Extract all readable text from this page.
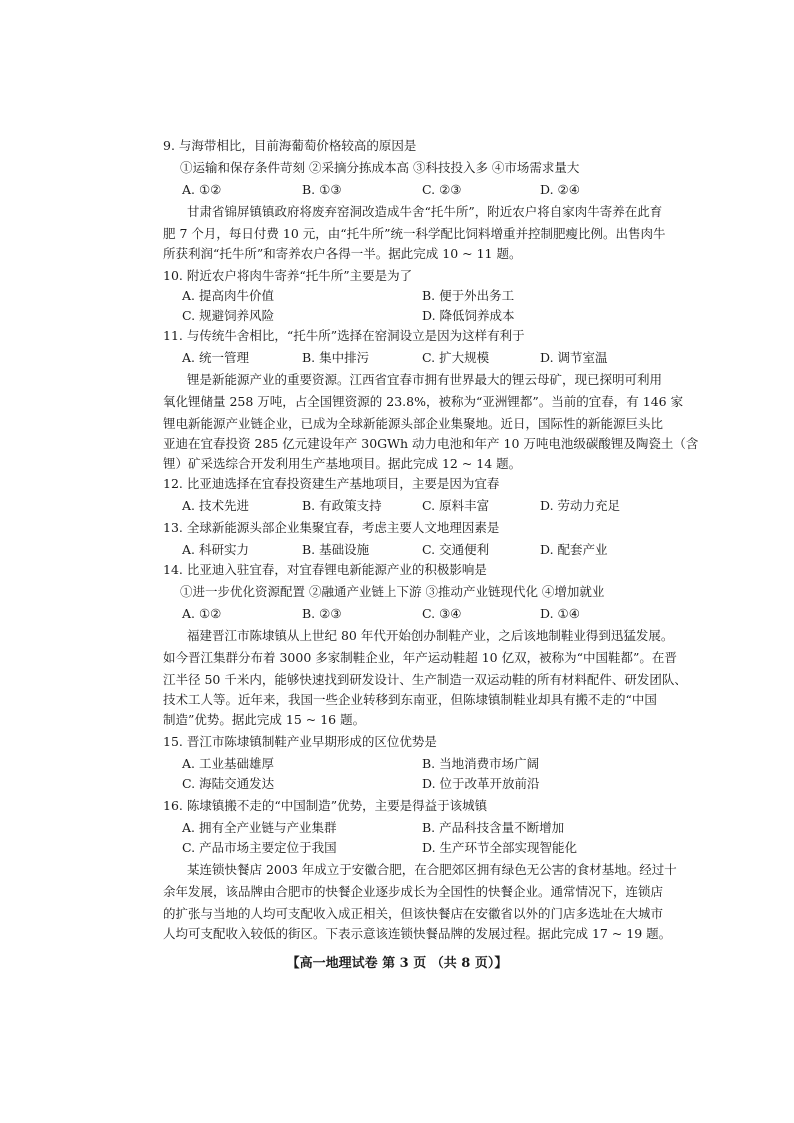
9. 与海带相比，目前海葡萄价格较高的原因是
①运输和保存条件苛刻 ②采摘分拣成本高 ③科技投入多 ④市场需求量大
A. ①②	B. ①③	C. ②③	D. ②④
甘肃省锦屏镇镇政府将废弃窑洞改造成牛舍“托牛所”，附近农户将自家肉牛寄养在此育
肥 7 个月，每日付费 10 元，由“托牛所”统一科学配比饲料增重并控制肥瘦比例。出售肉牛
所获利润“托牛所”和寄养农户各得一半。据此完成 10 ~ 11 题。
10. 附近农户将肉牛寄养“托牛所”主要是为了
A. 提高肉牛价值	B. 便于外出务工
C. 规避饲养风险	D. 降低饲养成本
11. 与传统牛舍相比，“托牛所”选择在窑洞设立是因为这样有利于
A. 统一管理	B. 集中排污	C. 扩大规模	D. 调节室温
锂是新能源产业的重要资源。江西省宜春市拥有世界最大的锂云母矿，现已探明可利用
氧化锂储量 258 万吨，占全国锂资源的 23.8%，被称为“亚洲锂都”。当前的宜春，有 146 家
锂电新能源产业链企业，已成为全球新能源头部企业集聚地。近日，国际性的新能源巨头比
亚迪在宜春投资 285 亿元建设年产 30GWh 动力电池和年产 10 万吨电池级碳酸锂及陶瓷土（含
锂）矿采选综合开发利用生产基地项目。据此完成 12 ~ 14 题。
12. 比亚迪选择在宜春投资建生产基地项目，主要是因为宜春
A. 技术先进	B. 有政策支持	C. 原料丰富	D. 劳动力充足
13. 全球新能源头部企业集聚宜春，考虑主要人文地理因素是
A. 科研实力	B. 基础设施	C. 交通便利	D. 配套产业
14. 比亚迪入驻宜春，对宜春锂电新能源产业的积极影响是
①进一步优化资源配置 ②融通产业链上下游 ③推动产业链现代化 ④增加就业
A. ①②	B. ②③	C. ③④	D. ①④
福建晋江市陈埭镇从上世纪 80 年代开始创办制鞋产业，之后该地制鞋业得到迅猛发展。
如今晋江集群分布着 3000 多家制鞋企业，年产运动鞋超 10 亿双，被称为“中国鞋都”。在晋
江半径 50 千米内，能够快速找到研发设计、生产制造一双运动鞋的所有材料配件、研发团队、
技术工人等。近年来，我国一些企业转移到东南亚，但陈埭镇制鞋业却具有搬不走的“中国
制造”优势。据此完成 15 ~ 16 题。
15. 晋江市陈埭镇制鞋产业早期形成的区位优势是
A. 工业基础雄厚	B. 当地消费市场广阔
C. 海陆交通发达	D. 位于改革开放前沿
16. 陈埭镇搬不走的“中国制造”优势，主要是得益于该城镇
A. 拥有全产业链与产业集群	B. 产品科技含量不断增加
C. 产品市场主要定位于我国	D. 生产环节全部实现智能化
某连锁快餐店 2003 年成立于安徽合肥，在合肥郊区拥有绿色无公害的食材基地。经过十
余年发展，该品牌由合肥市的快餐企业逐步成长为全国性的快餐企业。通常情况下，连锁店
的扩张与当地的人均可支配收入成正相关，但该快餐店在安徽省以外的门店多选址在大城市
人均可支配收入较低的街区。下表示意该连锁快餐品牌的发展过程。据此完成 17 ~ 19 题。
【高一地理试卷 第 3 页 （共 8 页）】
